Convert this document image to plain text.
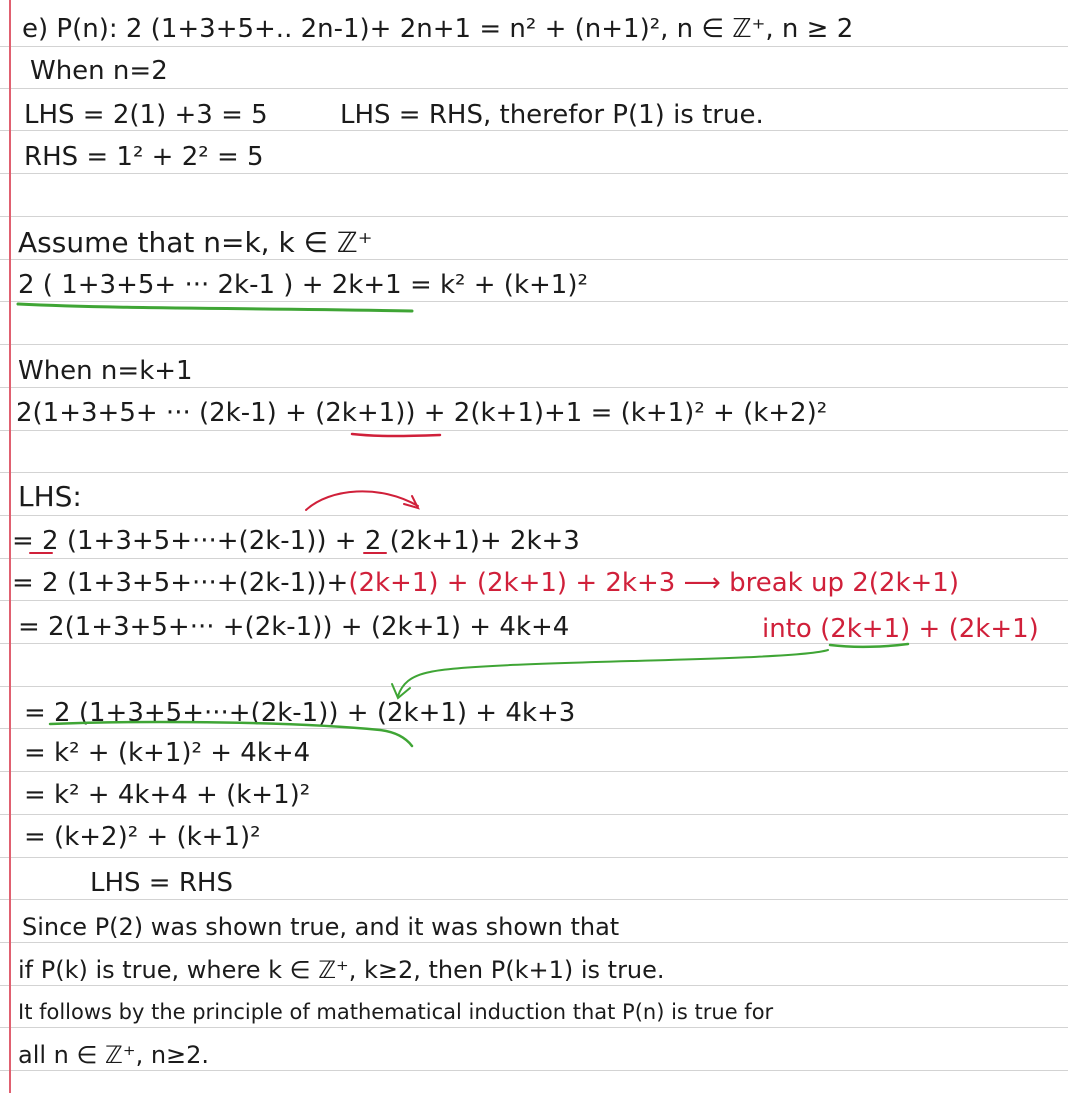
e) P(n): 2 (1+3+5+.. 2n-1)+ 2n+1 = n² + (n+1)², n ∈ ℤ⁺, n ≥ 2
When n=2
LHS = 2(1) +3 = 5	LHS = RHS, therefor P(1) is true.
RHS = 1² + 2² = 5
Assume that n=k, k ∈ ℤ⁺
2 ( 1+3+5+ ··· 2k-1 ) + 2k+1 = k² + (k+1)²
When n=k+1
2(1+3+5+ ··· (2k-1) + (2k+1)) + 2(k+1)+1 = (k+1)² + (k+2)²
LHS:
= 2 (1+3+5+···+(2k-1)) + 2 (2k+1)+ 2k+3
= 2 (1+3+5+···+(2k-1))+(2k+1) + (2k+1) + 2k+3 ⟶ break up 2(2k+1)
= 2(1+3+5+··· +(2k-1)) + (2k+1) + 4k+4	into (2k+1) + (2k+1)
= 2 (1+3+5+···+(2k-1)) + (2k+1) + 4k+3
= k² + (k+1)² + 4k+4
= k² + 4k+4 + (k+1)²
= (k+2)² + (k+1)²
LHS = RHS
Since P(2) was shown true, and it was shown that
if P(k) is true, where k ∈ ℤ⁺, k≥2, then P(k+1) is true.
It follows by the principle of mathematical induction that P(n) is true for
all n ∈ ℤ⁺, n≥2.
